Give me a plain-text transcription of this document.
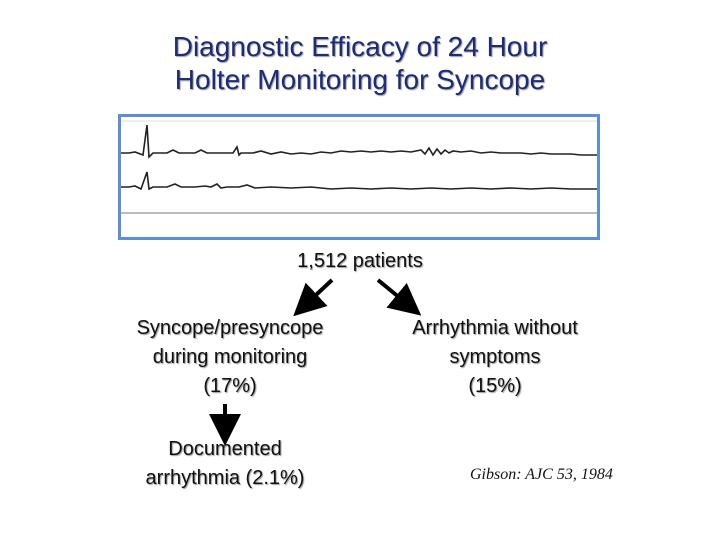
Diagnostic Efficacy of 24 Hour
Holter Monitoring for Syncope
1,512 patients
Syncope/presyncope
during monitoring
(17%)
Arrhythmia without
symptoms
(15%)
Documented
arrhythmia (2.1%)	Gibson: AJC 53, 1984
